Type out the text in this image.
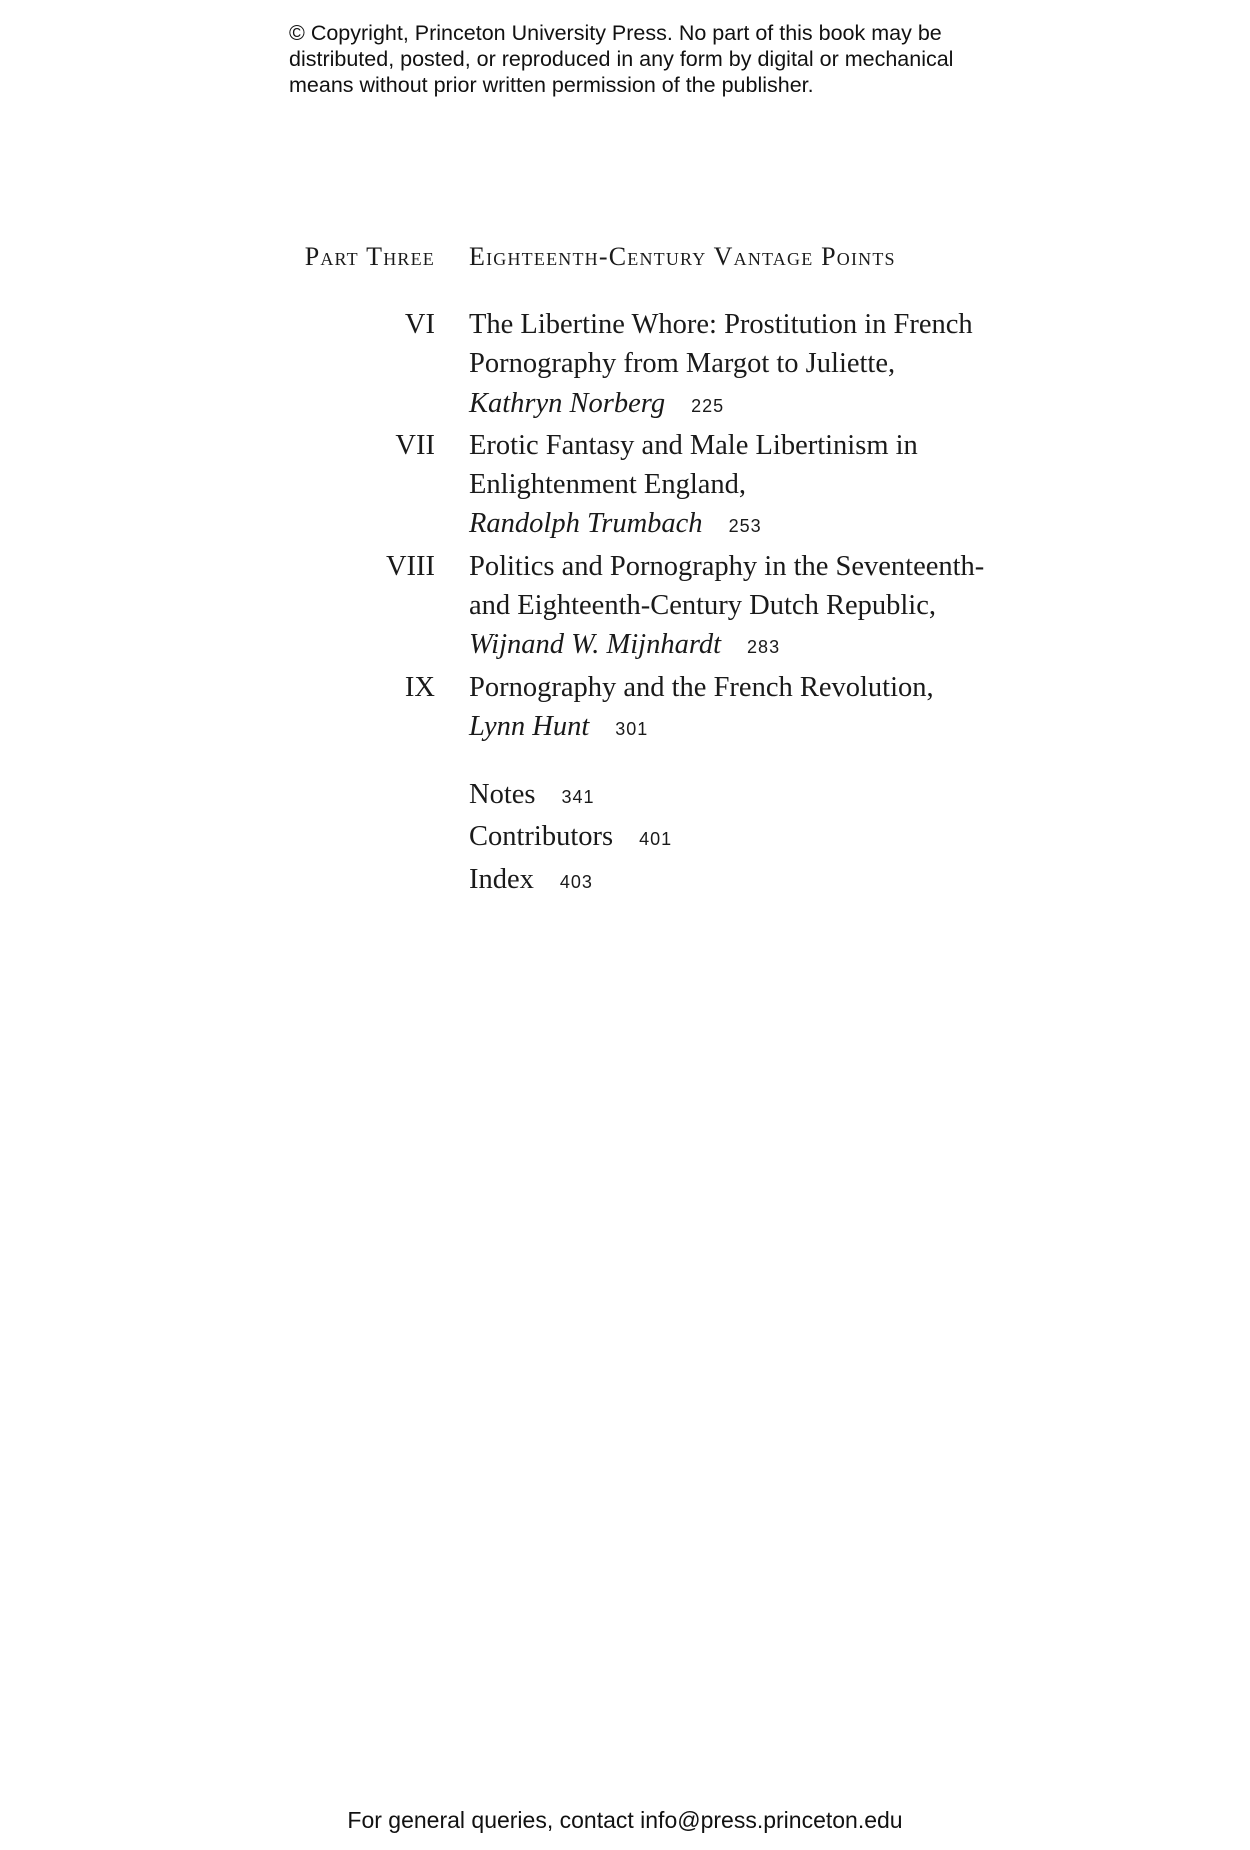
© Copyright, Princeton University Press. No part of this book may be
distributed, posted, or reproduced in any form by digital or mechanical
means without prior written permission of the publisher.
Part Three Eighteenth-Century Vantage Points
VI The Libertine Whore: Prostitution in French
Pornography from Margot to Juliette,
Kathryn Norberg 225
VII Erotic Fantasy and Male Libertinism in
Enlightenment England,
Randolph Trumbach 253
VIII Politics and Pornography in the Seventeenth-
and Eighteenth-Century Dutch Republic,
Wijnand W. Mijnhardt 283
IX Pornography and the French Revolution,
Lynn Hunt 301
Notes 341
Contributors 401
Index 403
For general queries, contact info@press.princeton.edu
